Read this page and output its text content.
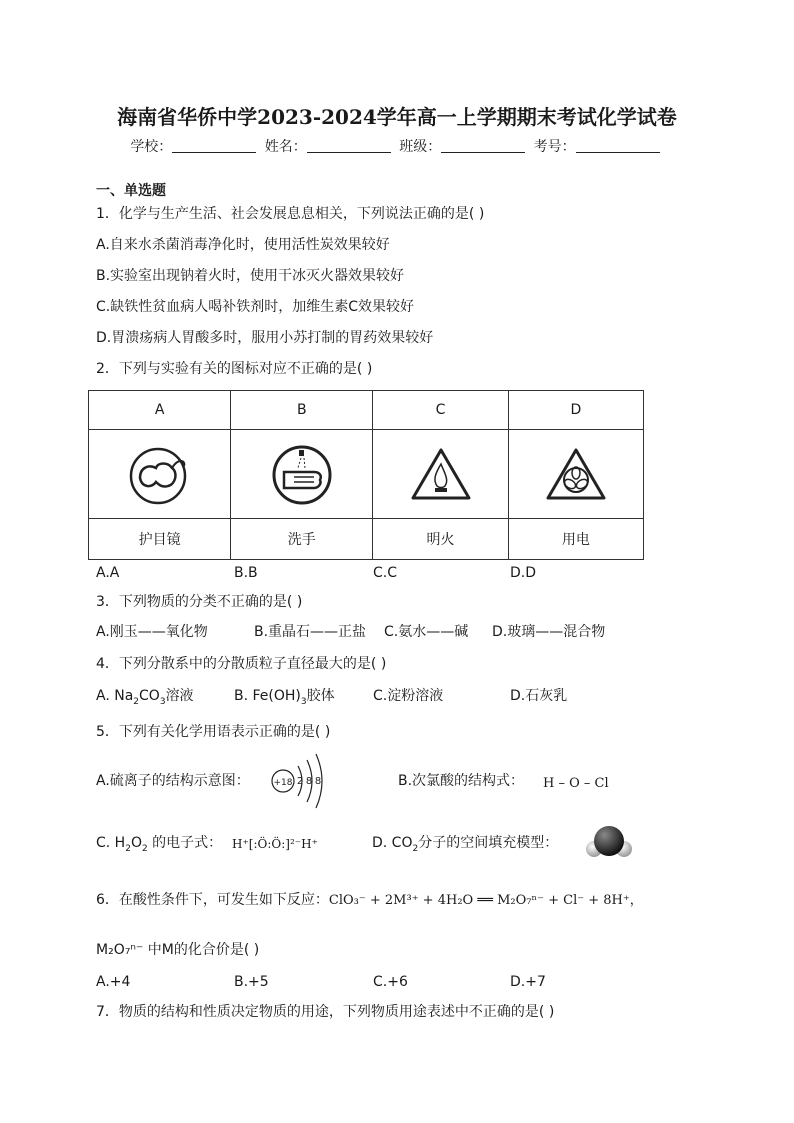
海南省华侨中学2023-2024学年高一上学期期末考试化学试卷
学校：	姓名：	班级：	考号：
一、单选题
1．化学与生产生活、社会发展息息相关，下列说法正确的是( )
A.自来水杀菌消毒净化时，使用活性炭效果较好
B.实验室出现钠着火时，使用干冰灭火器效果较好
C.缺铁性贫血病人喝补铁剂时，加维生素C效果较好
D.胃溃疡病人胃酸多时，服用小苏打制的胃药效果较好
2．下列与实验有关的图标对应不正确的是( )
A	B	C	D

护目镜	洗手	明火	用电
A.A	B.B	C.C	D.D
3．下列物质的分类不正确的是( )
A.刚玉——氧化物	B.重晶石——正盐 C.氨水——碱 D.玻璃——混合物
4．下列分散系中的分散质粒子直径最大的是( )
A. $Na_2CO_3$溶液	B. $Fe(OH)_3$胶体	C.淀粉溶液	D.石灰乳
5．下列有关化学用语表示正确的是( )
A.硫离子的结构示意图：	+18 2 8 8	B.次氯酸的结构式： H – O – Cl
C. $H_2O_2$ 的电子式： H⁺[:Ö:Ö:]²⁻H⁺	D. $CO_2$分子的空间填充模型：
6．在酸性条件下，可发生如下反应：ClO₃⁻ + 2M³⁺ + 4H₂O ══ M₂O₇ⁿ⁻ + Cl⁻ + 8H⁺，
M₂O₇ⁿ⁻ 中M的化合价是( )
A.+4	B.+5	C.+6	D.+7
7．物质的结构和性质决定物质的用途，下列物质用途表述中不正确的是( )
